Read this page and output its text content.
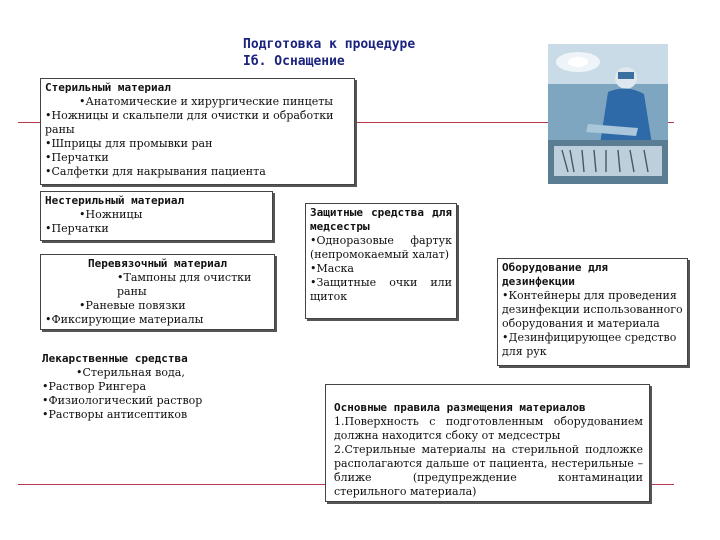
Подготовка к процедуре
Iб. Оснащение
Стерильный материал
• Анатомические и хирургические пинцеты
• Ножницы и скальпели для очистки и обработки раны
• Шприцы для промывки ран
• Перчатки
• Салфетки для накрывания пациента
Нестерильный материал
• Ножницы
• Перчатки
Перевязочный материал
• Тампоны для очистки раны
• Раневые повязки
• Фиксирующие материалы
Лекарственные средства
• Стерильная вода,
• Раствор Рингера
• Физиологический раствор
• Растворы антисептиков
Защитные средства для медсестры
• Одноразовые фартук (непромокаемый халат)
• Маска
• Защитные очки или щиток
Оборудование для дезинфекции
• Контейнеры для проведения дезинфекции использованного оборудования и материала
• Дезинфицирующее средство для рук
Основные правила размещения материалов
1.Поверхность с подготовленным оборудованием должна находится сбоку от медсестры
2.Стерильные материалы на стерильной подложке располагаются дальше от пациента, нестерильные – ближе (предупреждение контаминации стерильного материала)
